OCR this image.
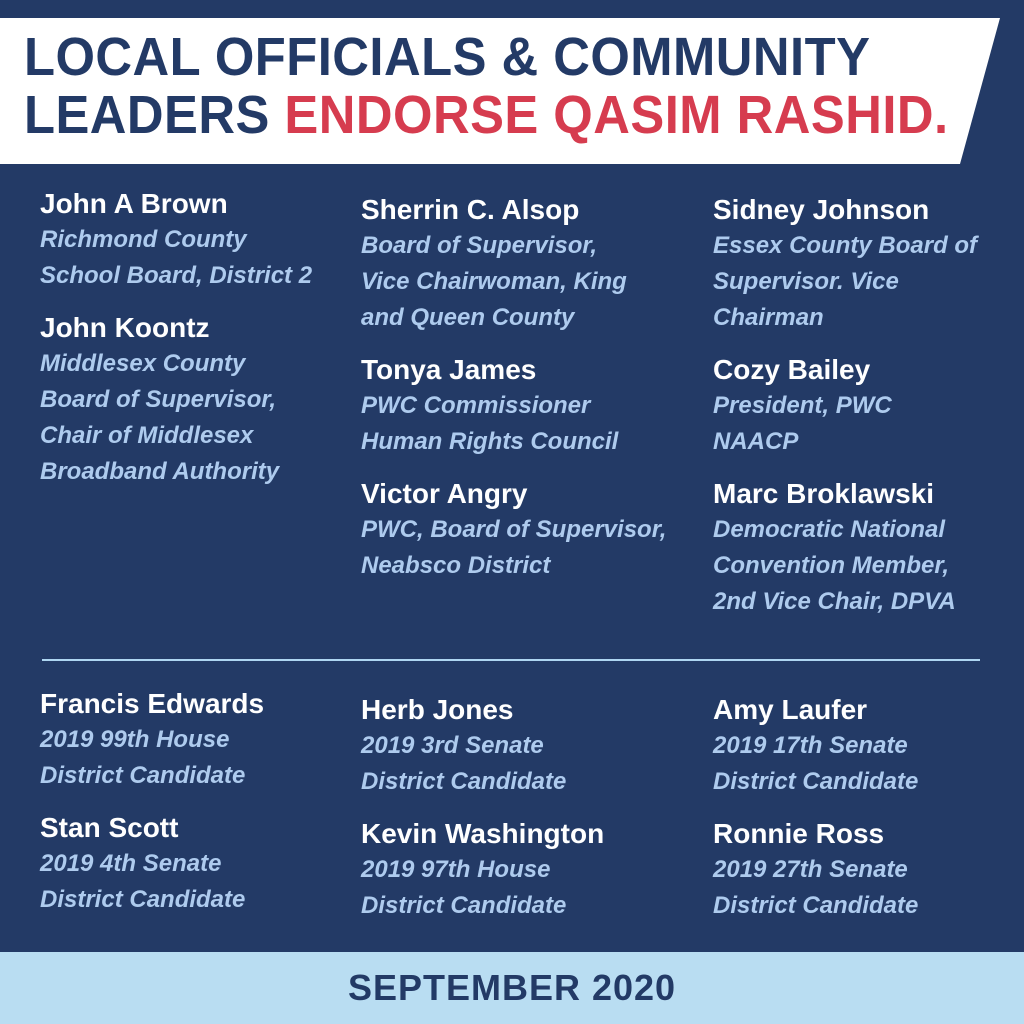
LOCAL OFFICIALS & COMMUNITY
LEADERS ENDORSE QASIM RASHID.
John A Brown
Richmond County
School Board, District 2
John Koontz
Middlesex County
Board of Supervisor,
Chair of Middlesex
Broadband Authority
Sherrin C. Alsop
Board of Supervisor,
Vice Chairwoman, King
and Queen County
Tonya James
PWC Commissioner
Human Rights Council
Victor Angry
PWC, Board of Supervisor,
Neabsco District
Sidney Johnson
Essex County Board of
Supervisor. Vice
Chairman
Cozy Bailey
President, PWC
NAACP
Marc Broklawski
Democratic National
Convention Member,
2nd Vice Chair, DPVA
Francis Edwards
2019 99th House
District Candidate
Stan Scott
2019 4th Senate
District Candidate
Herb Jones
2019 3rd Senate
District Candidate
Kevin Washington
2019 97th House
District Candidate
Amy Laufer
2019 17th Senate
District Candidate
Ronnie Ross
2019 27th Senate
District Candidate
SEPTEMBER 2020
